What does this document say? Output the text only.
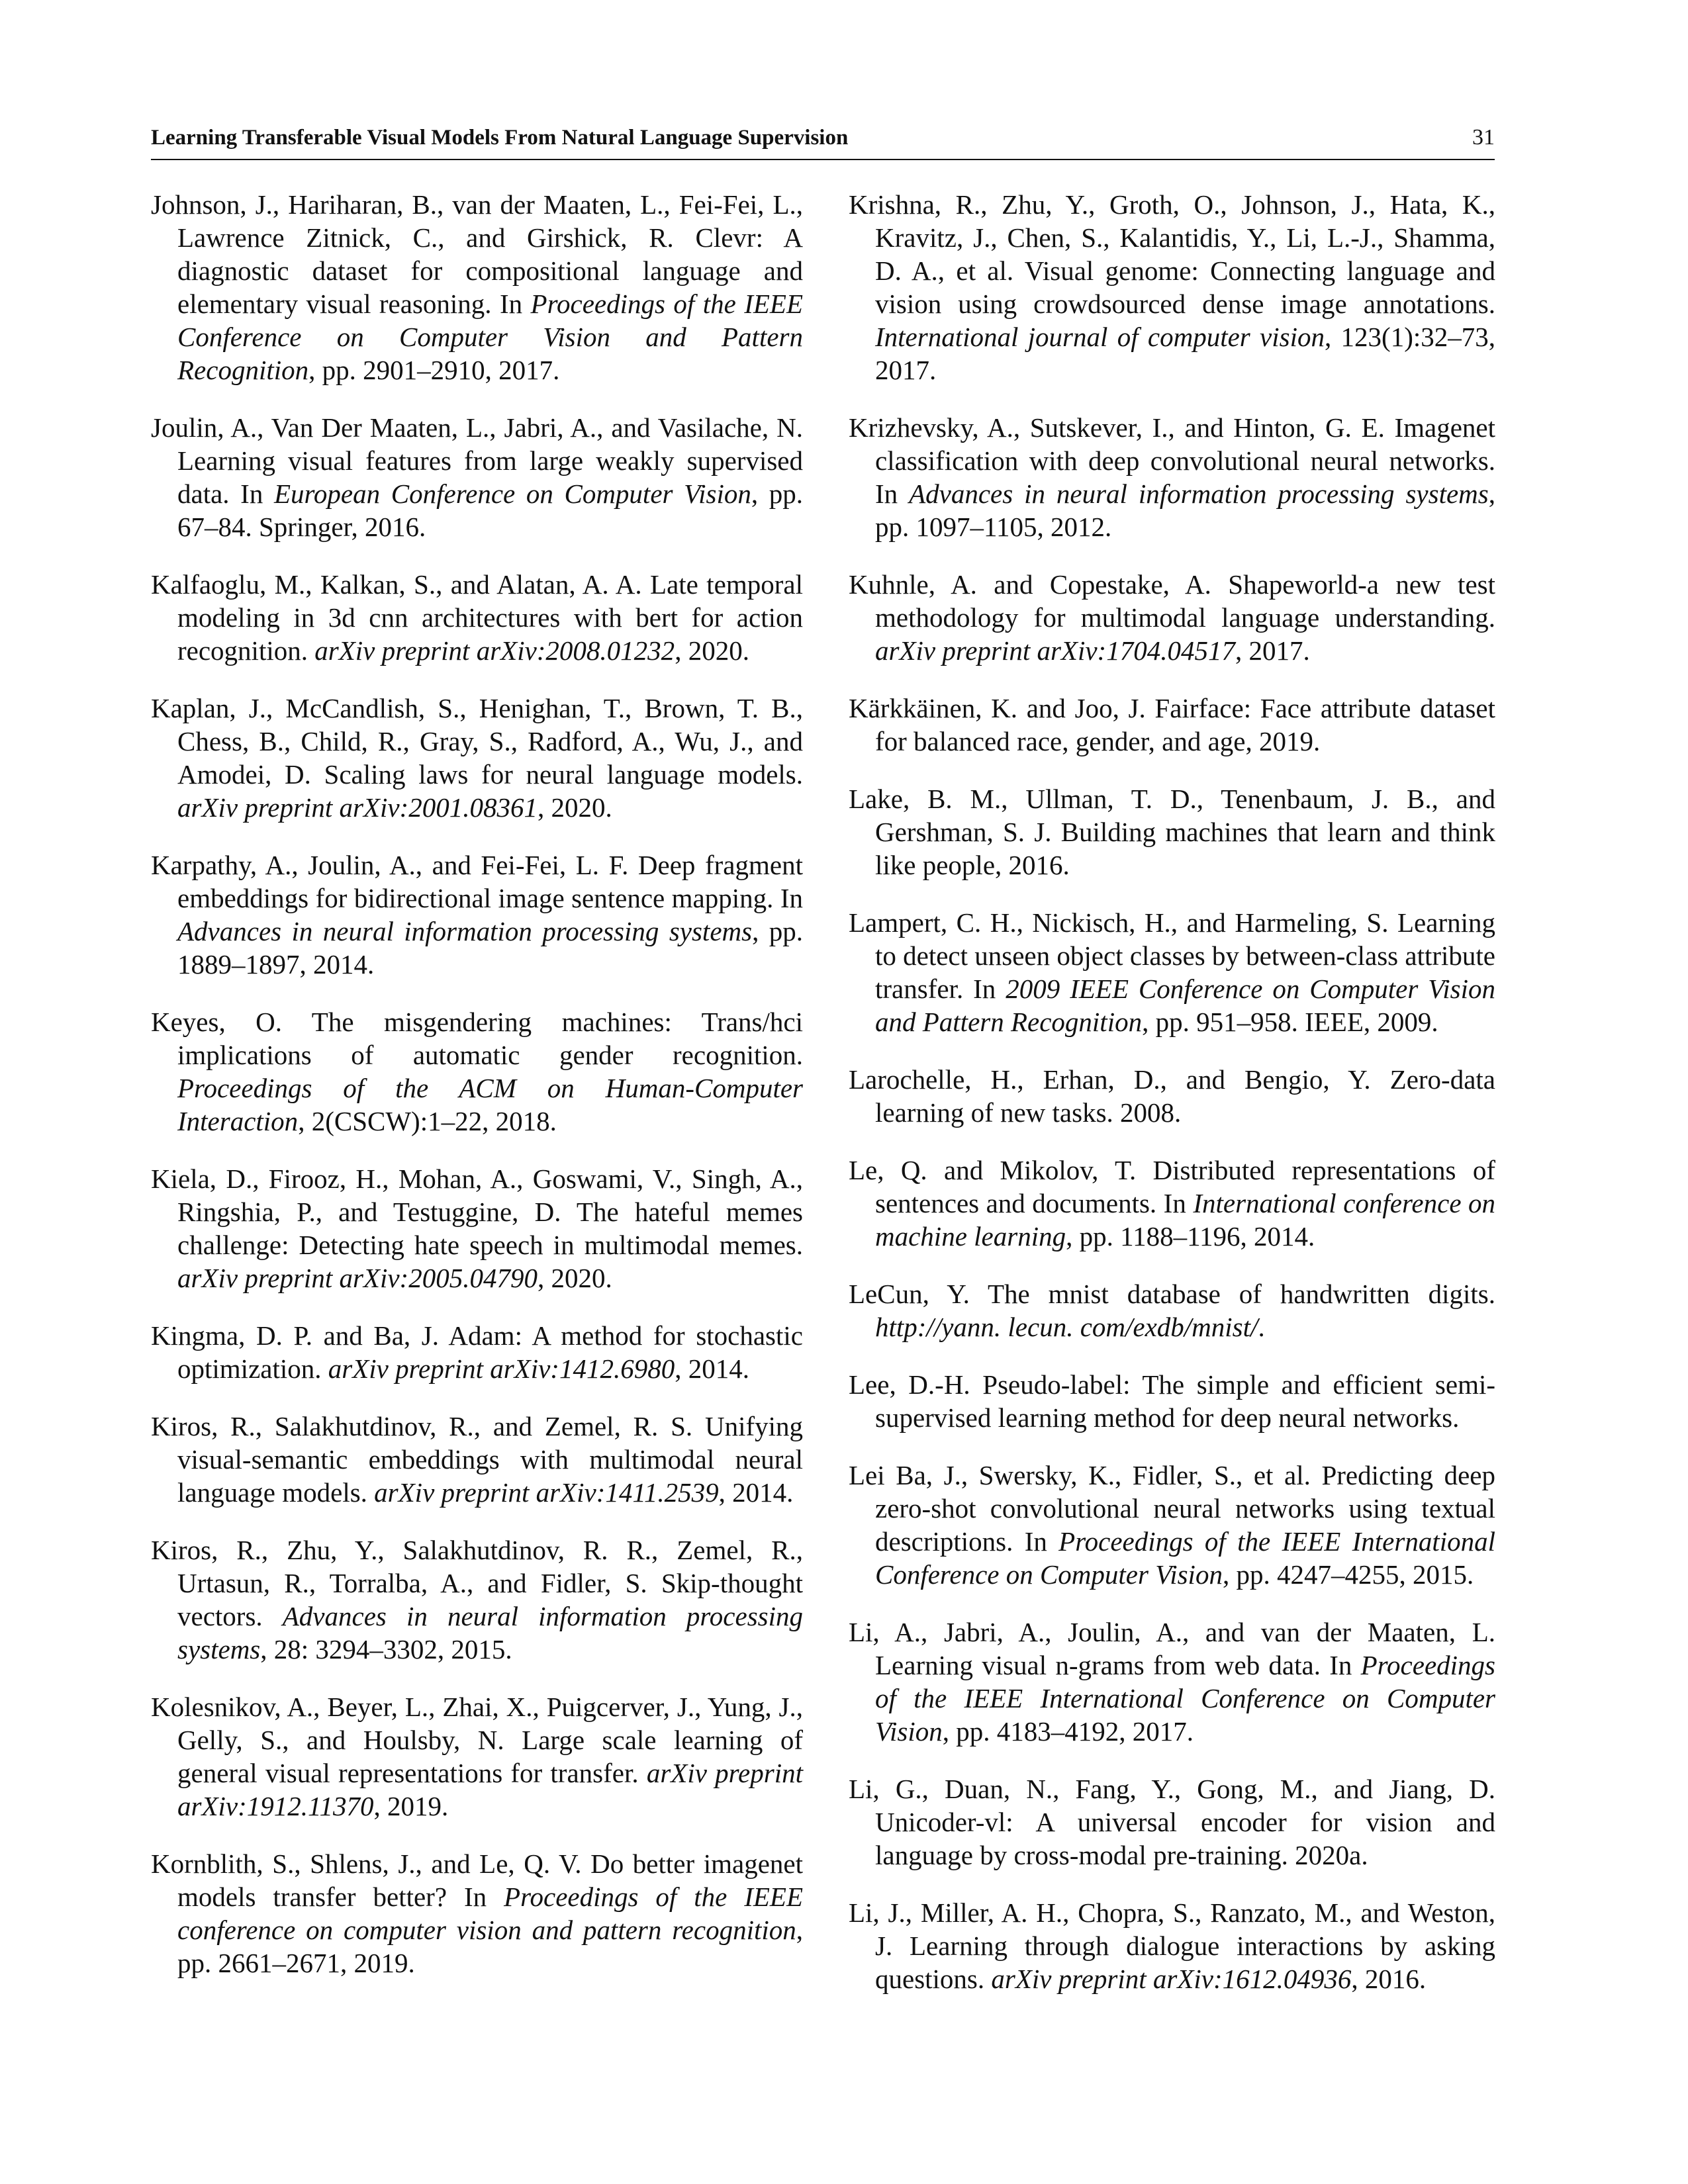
Learning Transferable Visual Models From Natural Language Supervision	31

Johnson, J., Hariharan, B., van der Maaten, L., Fei-Fei, L., Lawrence Zitnick, C., and Girshick, R. Clevr: A diagnostic dataset for compositional language and elementary visual reasoning. In Proceedings of the IEEE Conference on Computer Vision and Pattern Recognition, pp. 2901–2910, 2017.

Joulin, A., Van Der Maaten, L., Jabri, A., and Vasilache, N. Learning visual features from large weakly supervised data. In European Conference on Computer Vision, pp. 67–84. Springer, 2016.

Kalfaoglu, M., Kalkan, S., and Alatan, A. A. Late temporal modeling in 3d cnn architectures with bert for action recognition. arXiv preprint arXiv:2008.01232, 2020.

Kaplan, J., McCandlish, S., Henighan, T., Brown, T. B., Chess, B., Child, R., Gray, S., Radford, A., Wu, J., and Amodei, D. Scaling laws for neural language models. arXiv preprint arXiv:2001.08361, 2020.

Karpathy, A., Joulin, A., and Fei-Fei, L. F. Deep fragment embeddings for bidirectional image sentence mapping. In Advances in neural information processing systems, pp. 1889–1897, 2014.

Keyes, O. The misgendering machines: Trans/hci implications of automatic gender recognition. Proceedings of the ACM on Human-Computer Interaction, 2(CSCW):1–22, 2018.

Kiela, D., Firooz, H., Mohan, A., Goswami, V., Singh, A., Ringshia, P., and Testuggine, D. The hateful memes challenge: Detecting hate speech in multimodal memes. arXiv preprint arXiv:2005.04790, 2020.

Kingma, D. P. and Ba, J. Adam: A method for stochastic optimization. arXiv preprint arXiv:1412.6980, 2014.

Kiros, R., Salakhutdinov, R., and Zemel, R. S. Unifying visual-semantic embeddings with multimodal neural language models. arXiv preprint arXiv:1411.2539, 2014.

Kiros, R., Zhu, Y., Salakhutdinov, R. R., Zemel, R., Urtasun, R., Torralba, A., and Fidler, S. Skip-thought vectors. Advances in neural information processing systems, 28: 3294–3302, 2015.

Kolesnikov, A., Beyer, L., Zhai, X., Puigcerver, J., Yung, J., Gelly, S., and Houlsby, N. Large scale learning of general visual representations for transfer. arXiv preprint arXiv:1912.11370, 2019.

Kornblith, S., Shlens, J., and Le, Q. V. Do better imagenet models transfer better? In Proceedings of the IEEE conference on computer vision and pattern recognition, pp. 2661–2671, 2019.

Krishna, R., Zhu, Y., Groth, O., Johnson, J., Hata, K., Kravitz, J., Chen, S., Kalantidis, Y., Li, L.-J., Shamma, D. A., et al. Visual genome: Connecting language and vision using crowdsourced dense image annotations. International journal of computer vision, 123(1):32–73, 2017.

Krizhevsky, A., Sutskever, I., and Hinton, G. E. Imagenet classification with deep convolutional neural networks. In Advances in neural information processing systems, pp. 1097–1105, 2012.

Kuhnle, A. and Copestake, A. Shapeworld-a new test methodology for multimodal language understanding. arXiv preprint arXiv:1704.04517, 2017.

Kärkkäinen, K. and Joo, J. Fairface: Face attribute dataset for balanced race, gender, and age, 2019.

Lake, B. M., Ullman, T. D., Tenenbaum, J. B., and Gershman, S. J. Building machines that learn and think like people, 2016.

Lampert, C. H., Nickisch, H., and Harmeling, S. Learning to detect unseen object classes by between-class attribute transfer. In 2009 IEEE Conference on Computer Vision and Pattern Recognition, pp. 951–958. IEEE, 2009.

Larochelle, H., Erhan, D., and Bengio, Y. Zero-data learning of new tasks. 2008.

Le, Q. and Mikolov, T. Distributed representations of sentences and documents. In International conference on machine learning, pp. 1188–1196, 2014.

LeCun, Y. The mnist database of handwritten digits. http://yann. lecun. com/exdb/mnist/.

Lee, D.-H. Pseudo-label: The simple and efficient semi-supervised learning method for deep neural networks.

Lei Ba, J., Swersky, K., Fidler, S., et al. Predicting deep zero-shot convolutional neural networks using textual descriptions. In Proceedings of the IEEE International Conference on Computer Vision, pp. 4247–4255, 2015.

Li, A., Jabri, A., Joulin, A., and van der Maaten, L. Learning visual n-grams from web data. In Proceedings of the IEEE International Conference on Computer Vision, pp. 4183–4192, 2017.

Li, G., Duan, N., Fang, Y., Gong, M., and Jiang, D. Unicoder-vl: A universal encoder for vision and language by cross-modal pre-training. 2020a.

Li, J., Miller, A. H., Chopra, S., Ranzato, M., and Weston, J. Learning through dialogue interactions by asking questions. arXiv preprint arXiv:1612.04936, 2016.
